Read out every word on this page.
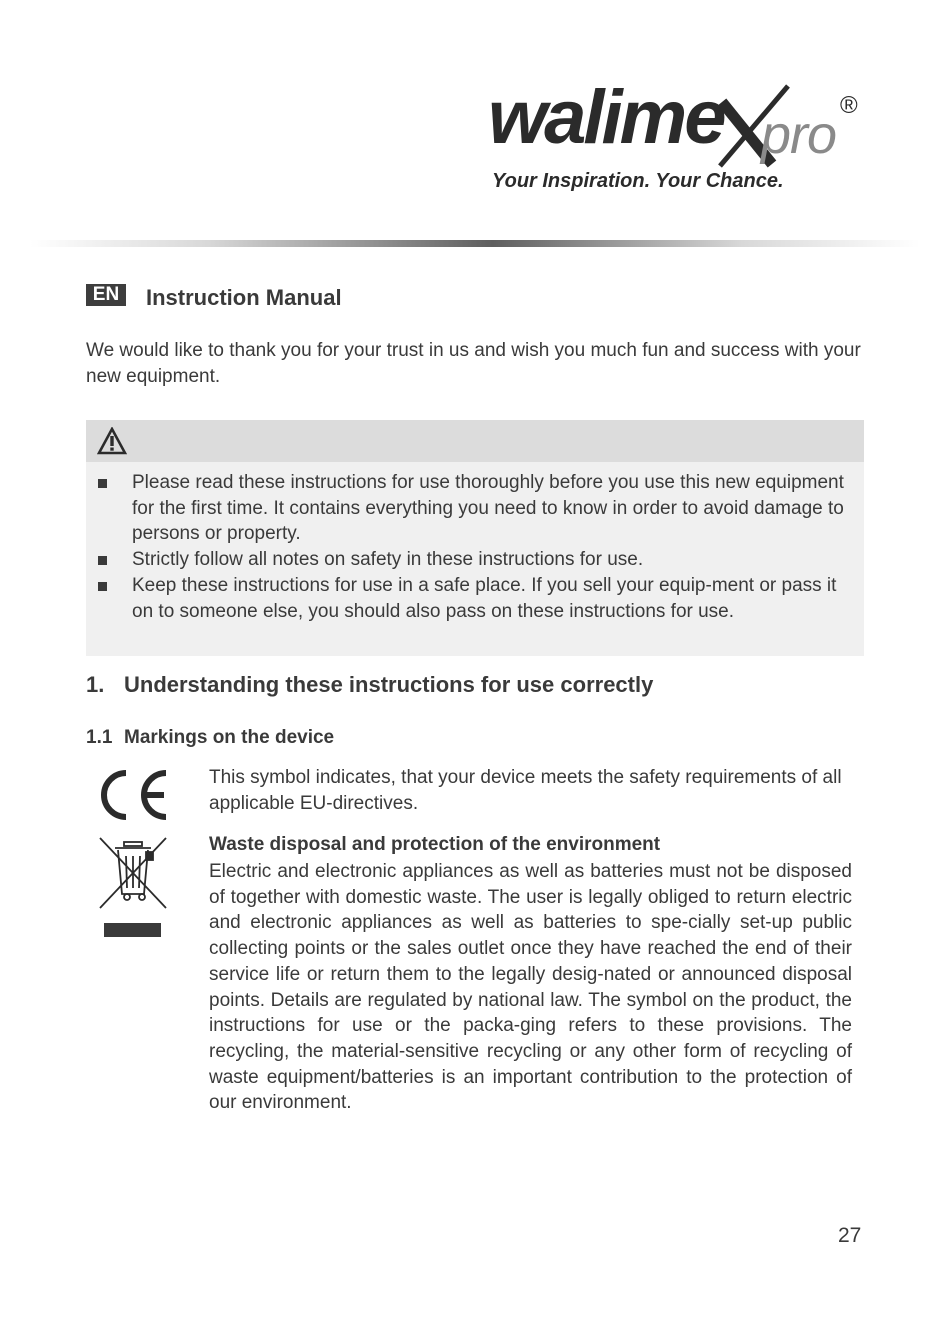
walime pro ®
Your Inspiration. Your Chance.
EN	Instruction Manual
We would like to thank you for your trust in us and wish you much fun and success with your new equipment.
Please read these instructions for use thoroughly before you use this new equipment for the first time. It contains everything you need to know in order to avoid damage to persons or property.
Strictly follow all notes on safety in these instructions for use.
Keep these instructions for use in a safe place. If you sell your equip-ment or pass it on to someone else, you should also pass on these instructions for use.
1. Understanding these instructions for use correctly
1.1 Markings on the device
This symbol indicates, that your device meets the safety requirements of all applicable EU-directives.
Waste disposal and protection of the environment
Electric and electronic appliances as well as batteries must not be disposed of together with domestic waste. The user is legally obliged to return electric and electronic appliances as well as batteries to spe-cially set-up public collecting points or the sales outlet once they have reached the end of their service life or return them to the legally desig-nated or announced disposal points. Details are regulated by national law. The symbol on the product, the instructions for use or the packa-ging refers to these provisions. The recycling, the material-sensitive recycling or any other form of recycling of waste equipment/batteries is an important contribution to the protection of our environment.
27
